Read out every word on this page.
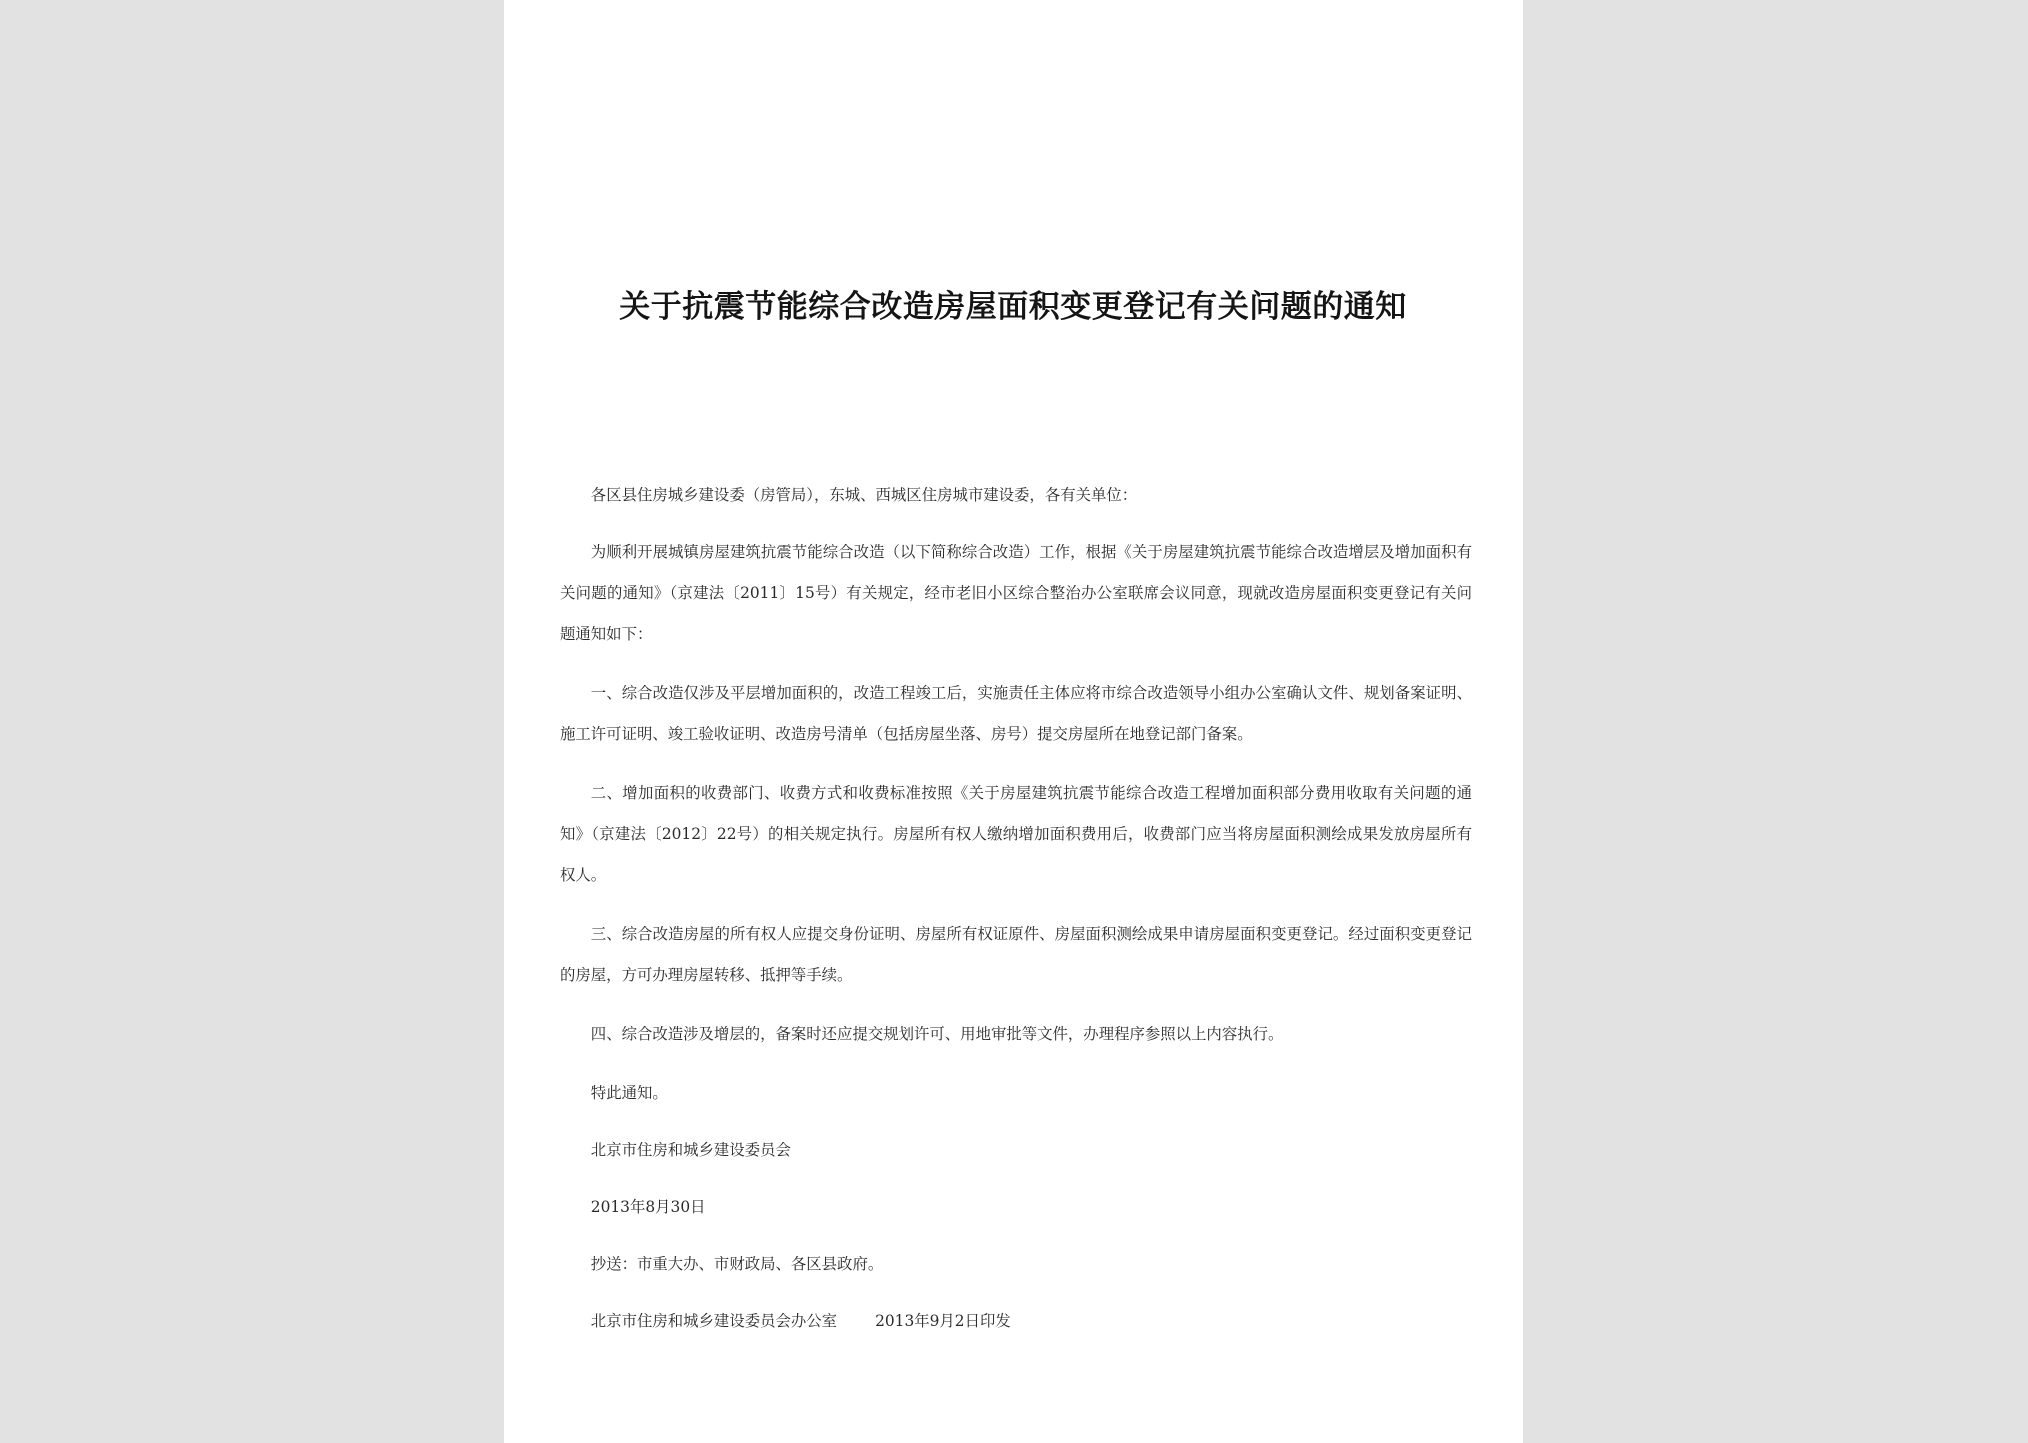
关于抗震节能综合改造房屋面积变更登记有关问题的通知

各区县住房城乡建设委（房管局），东城、西城区住房城市建设委，各有关单位：

为顺利开展城镇房屋建筑抗震节能综合改造（以下简称综合改造）工作，根据《关于房屋建筑抗震节能综合改造增层及增加面积有关问题的通知》（京建法〔2011〕15号）有关规定，经市老旧小区综合整治办公室联席会议同意，现就改造房屋面积变更登记有关问题通知如下：

一、综合改造仅涉及平层增加面积的，改造工程竣工后，实施责任主体应将市综合改造领导小组办公室确认文件、规划备案证明、施工许可证明、竣工验收证明、改造房号清单（包括房屋坐落、房号）提交房屋所在地登记部门备案。

二、增加面积的收费部门、收费方式和收费标准按照《关于房屋建筑抗震节能综合改造工程增加面积部分费用收取有关问题的通知》（京建法〔2012〕22号）的相关规定执行。房屋所有权人缴纳增加面积费用后，收费部门应当将房屋面积测绘成果发放房屋所有权人。

三、综合改造房屋的所有权人应提交身份证明、房屋所有权证原件、房屋面积测绘成果申请房屋面积变更登记。经过面积变更登记的房屋，方可办理房屋转移、抵押等手续。

四、综合改造涉及增层的，备案时还应提交规划许可、用地审批等文件，办理程序参照以上内容执行。

特此通知。

北京市住房和城乡建设委员会

2013年8月30日

抄送：市重大办、市财政局、各区县政府。

北京市住房和城乡建设委员会办公室 2013年9月2日印发
